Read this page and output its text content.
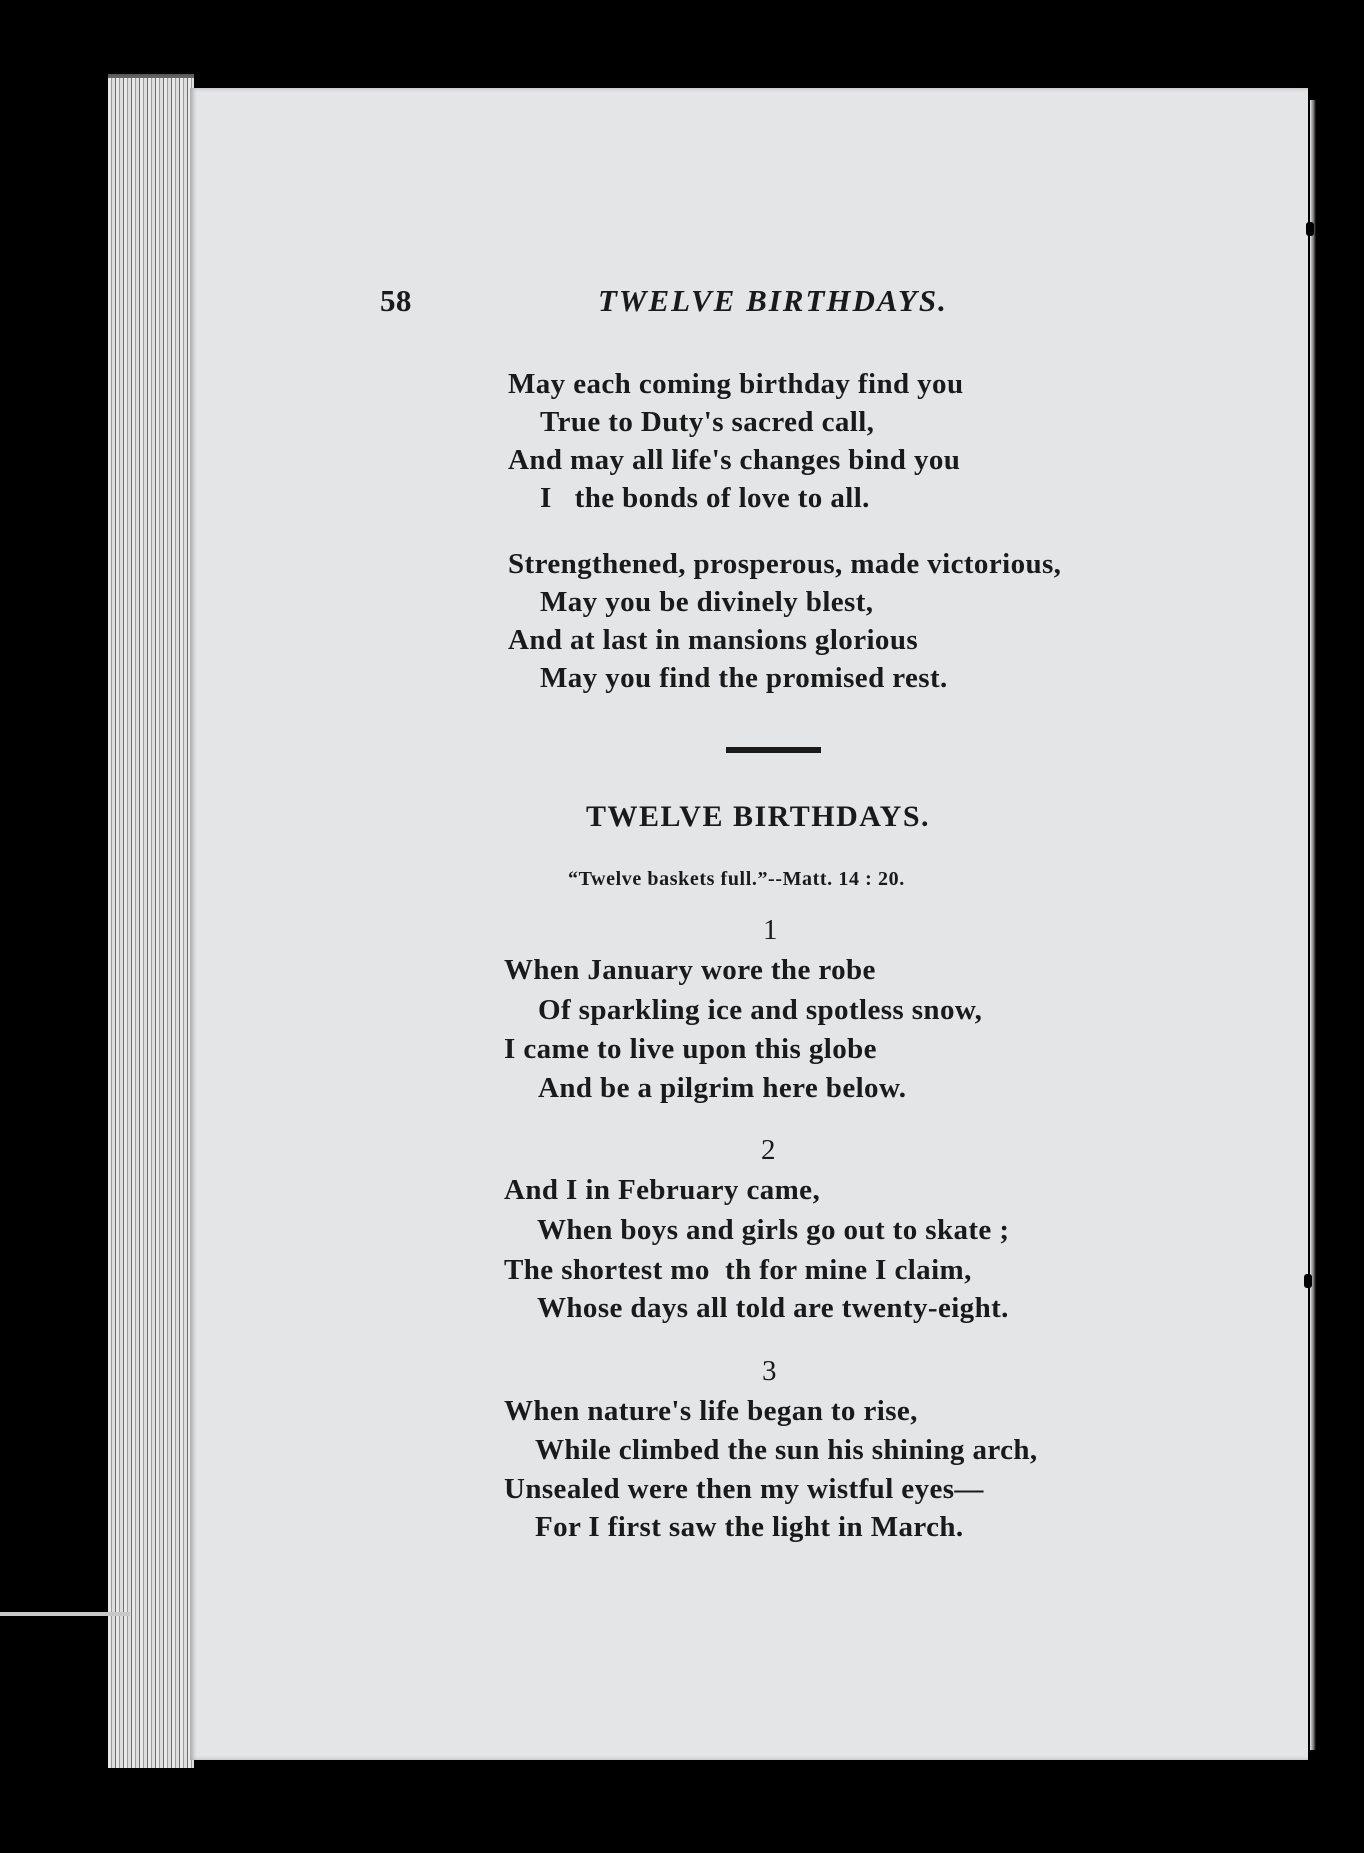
58	TWELVE BIRTHDAYS.
May each coming birthday find you
True to Duty's sacred call,
And may all life's changes bind you
I   the bonds of love to all.
Strengthened, prosperous, made victorious,
May you be divinely blest,
And at last in mansions glorious
May you find the promised rest.
TWELVE BIRTHDAYS.
“Twelve baskets full.”--Matt. 14 : 20.
1
When January wore the robe
Of sparkling ice and spotless snow,
I came to live upon this globe
And be a pilgrim here below.
2
And I in February came,
When boys and girls go out to skate ;
The shortest mo  th for mine I claim,
Whose days all told are twenty-eight.
3
When nature's life began to rise,
While climbed the sun his shining arch,
Unsealed were then my wistful eyes—
For I first saw the light in March.
